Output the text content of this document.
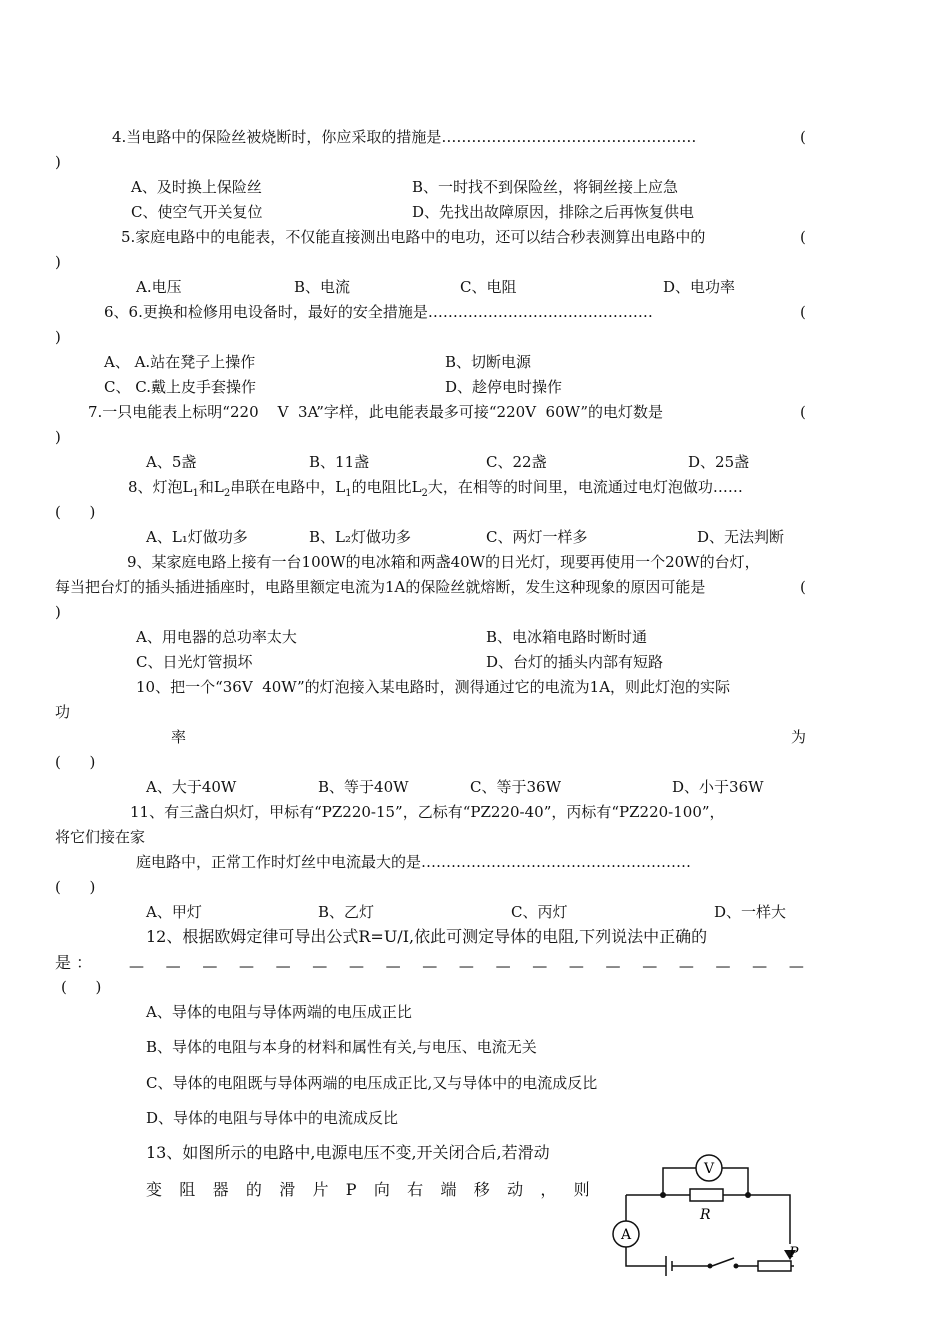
4.当电路中的保险丝被烧断时，你应采取的措施是……………………………………………	(
)
A、及时换上保险丝	B、一时找不到保险丝，将铜丝接上应急
C、使空气开关复位	D、先找出故障原因，排除之后再恢复供电
5.家庭电路中的电能表，不仅能直接测出电路中的电功，还可以结合秒表测算出电路中的	(
)
A.电压	B、电流	C、电阻	D、电功率
6、6.更换和检修用电设备时，最好的安全措施是………………………………………	(
)
A、 A.站在凳子上操作	B、切断电源
C、 C.戴上皮手套操作	D、趁停电时操作
7.一只电能表上标明“220    V  3A”字样，此电能表最多可接“220V  60W”的电灯数是	(
)
A、5盏	B、11盏	C、22盏	D、25盏
8、灯泡$L_1$和$L_2$串联在电路中，$L_1$的电阻比$L_2$大，在相等的时间里，电流通过电灯泡做功……
(      )
A、L₁灯做功多	B、L₂灯做功多	C、两灯一样多	D、无法判断
9、某家庭电路上接有一台100W的电冰箱和两盏40W的日光灯，现要再使用一个20W的台灯，
每当把台灯的插头插进插座时，电路里额定电流为1A的保险丝就熔断，发生这种现象的原因可能是	(
)
A、用电器的总功率太大	B、电冰箱电路时断时通
C、日光灯管损坏	D、台灯的插头内部有短路
10、把一个“36V  40W”的灯泡接入某电路时，测得通过它的电流为1A，则此灯泡的实际
功
率	为
(      )
A、大于40W	B、等于40W	C、等于36W	D、小于36W
11、有三盏白炽灯，甲标有“PZ220-15”，乙标有“PZ220-40”，丙标有“PZ220-100”，
将它们接在家
庭电路中，正常工作时灯丝中电流最大的是………………………………………………
(      )
A、甲灯	B、乙灯	C、丙灯	D、一样大
12、根据欧姆定律可导出公式R=U/I,依此可测定导体的电阻,下列说法中正确的
是 ： — — — — — — — — — — — — — — — — — — —
(      )
A、导体的电阻与导体两端的电压成正比
B、导体的电阻与本身的材料和属性有关,与电压、电流无关
C、导体的电阻既与导体两端的电压成正比,又与导体中的电流成反比
D、导体的电阻与导体中的电流成反比
13、如图所示的电路中,电源电压不变,开关闭合后,若滑动
变阻器的滑片P向右端移动，则
V
A
R
P
